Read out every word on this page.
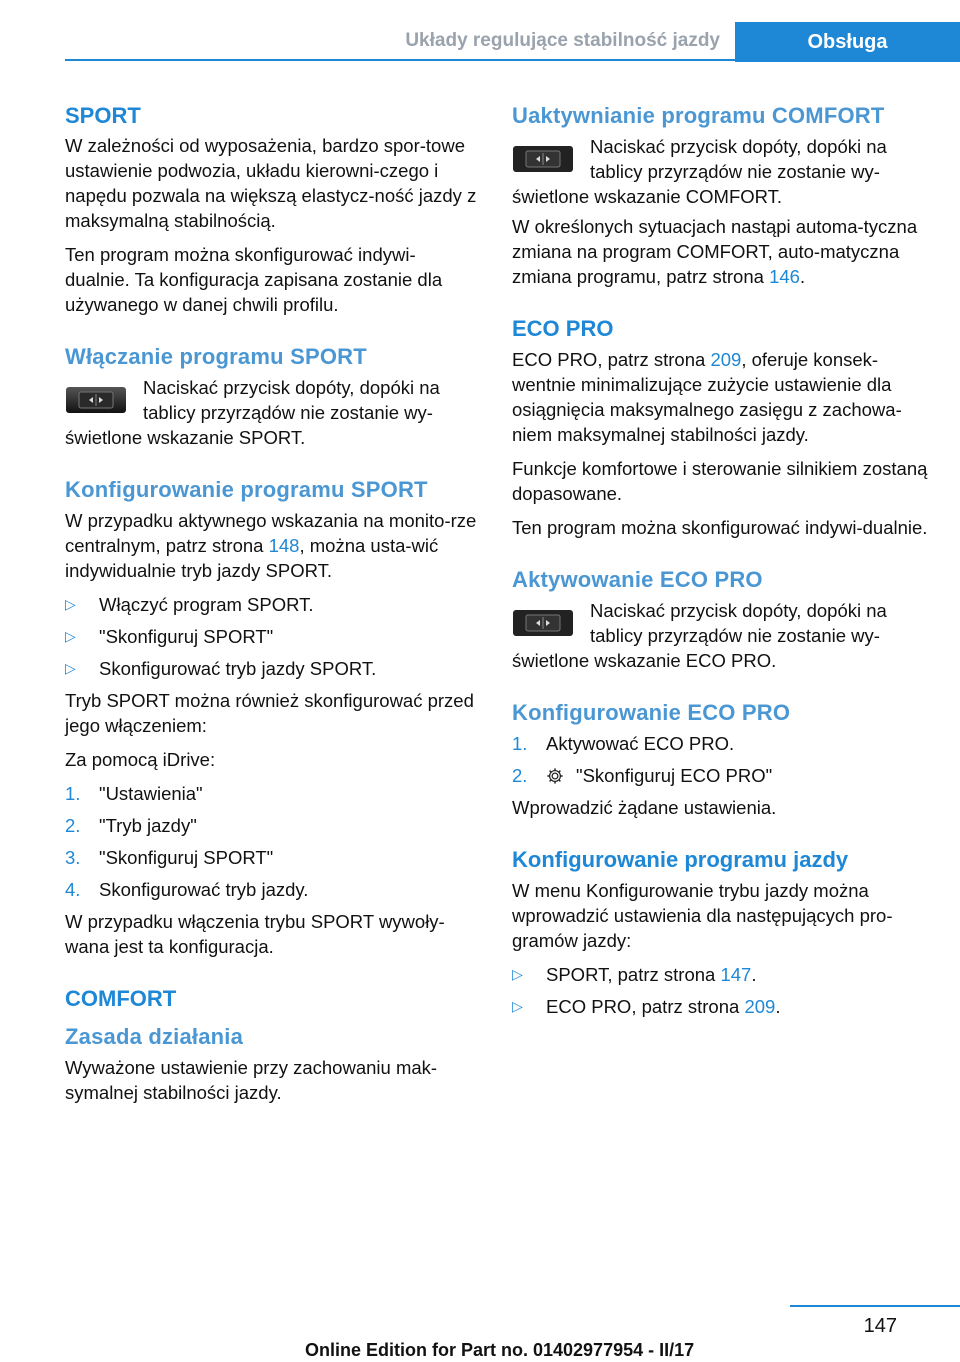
Układy regulujące stabilność jazdy	Obsługa
SPORT

W zależności od wyposażenia, bardzo spor-towe ustawienie podwozia, układu kierowni-czego i napędu pozwala na większą elastycz-ność jazdy z maksymalną stabilnością.

Ten program można skonfigurować indywi-dualnie. Ta konfiguracja zapisana zostanie dla używanego w danej chwili profilu.

Włączanie programu SPORT
Naciskać przycisk dopóty, dopóki na tablicy przyrządów nie zostanie wy-
świetlone wskazanie SPORT.
Konfigurowanie programu SPORT

W przypadku aktywnego wskazania na monito-rze centralnym, patrz strona 148, można usta-wić indywidualnie tryb jazdy SPORT.

▷ Włączyć program SPORT.
▷ "Skonfiguruj SPORT"
▷ Skonfigurować tryb jazdy SPORT.

Tryb SPORT można również skonfigurować przed jego włączeniem:

Za pomocą iDrive:

1. "Ustawienia"
2. "Tryb jazdy"
3. "Skonfiguruj SPORT"
4. Skonfigurować tryb jazdy.

W przypadku włączenia trybu SPORT wywoły-wana jest ta konfiguracja.

COMFORT
Zasada działania

Wyważone ustawienie przy zachowaniu mak-symalnej stabilności jazdy.

Uaktywnianie programu COMFORT
Naciskać przycisk dopóty, dopóki na tablicy przyrządów nie zostanie wy-
świetlone wskazanie COMFORT.

W określonych sytuacjach nastąpi automa-tyczna zmiana na program COMFORT, auto-matyczna zmiana programu, patrz strona 146.

ECO PRO

ECO PRO, patrz strona 209, oferuje konsek-wentnie minimalizujące zużycie ustawienie dla osiągnięcia maksymalnego zasięgu z zachowa-niem maksymalnej stabilności jazdy.

Funkcje komfortowe i sterowanie silnikiem zostaną dopasowane.

Ten program można skonfigurować indywi-dualnie.

Aktywowanie ECO PRO
Naciskać przycisk dopóty, dopóki na tablicy przyrządów nie zostanie wy-
świetlone wskazanie ECO PRO.
Konfigurowanie ECO PRO
1. Aktywować ECO PRO.
2.	"Skonfiguruj ECO PRO"

Wprowadzić żądane ustawienia.

Konfigurowanie programu jazdy

W menu Konfigurowanie trybu jazdy można wprowadzić ustawienia dla następujących pro-gramów jazdy:

▷ SPORT, patrz strona 147.
▷ ECO PRO, patrz strona 209.
147
Online Edition for Part no. 01402977954 - II/17
